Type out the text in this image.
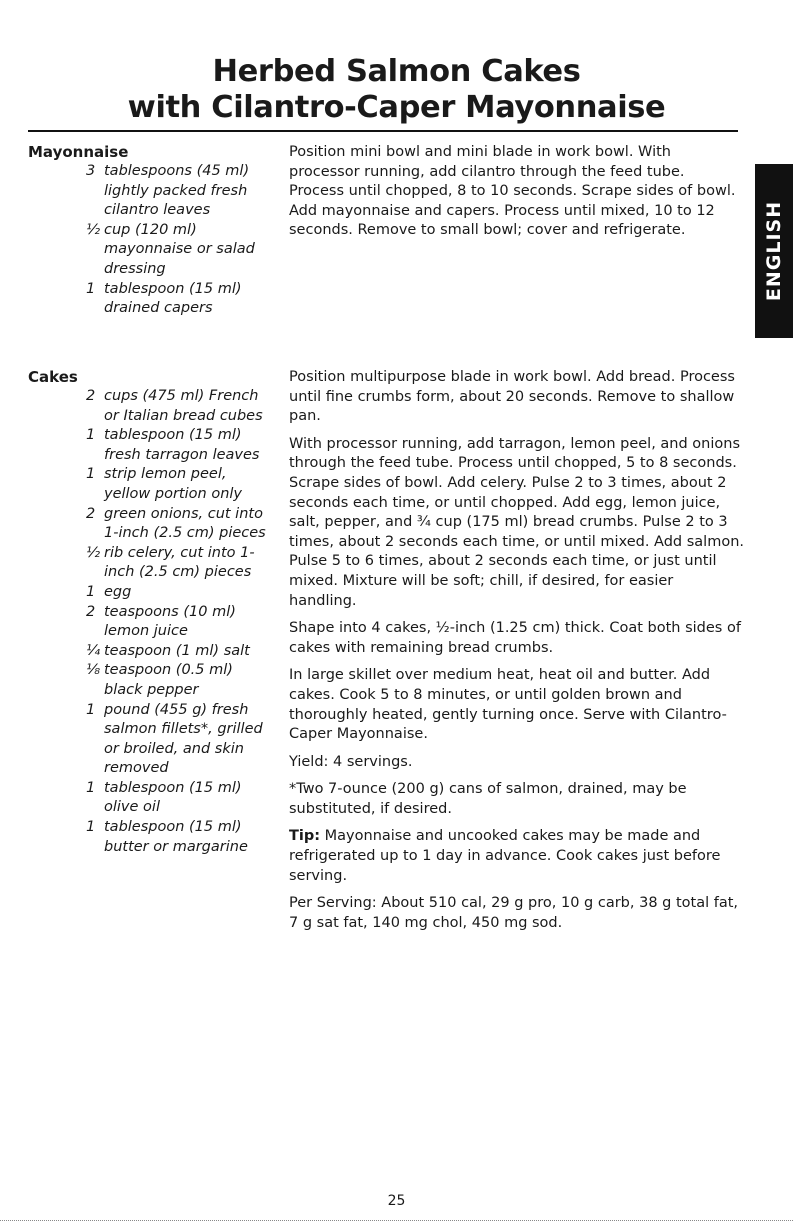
Herbed Salmon Cakes
with Cilantro-Caper Mayonnaise
ENGLISH
Mayonnaise
3 tablespoons (45 ml) lightly packed fresh cilantro leaves
½ cup (120 ml) mayonnaise or salad dressing
1 tablespoon (15 ml) drained capers

Position mini bowl and mini blade in work bowl. With processor running, add cilantro through the feed tube. Process until chopped, 8 to 10 seconds. Scrape sides of bowl. Add mayonnaise and capers. Process until mixed, 10 to 12 seconds. Remove to small bowl; cover and refrigerate.

Cakes
2 cups (475 ml) French or Italian bread cubes
1 tablespoon (15 ml) fresh tarragon leaves
1 strip lemon peel, yellow portion only
2 green onions, cut into 1-inch (2.5 cm) pieces
½ rib celery, cut into 1-inch (2.5 cm) pieces
1 egg
2 teaspoons (10 ml) lemon juice
¼ teaspoon (1 ml) salt
⅛ teaspoon (0.5 ml) black pepper
1 pound (455 g) fresh salmon fillets*, grilled or broiled, and skin removed
1 tablespoon (15 ml) olive oil
1 tablespoon (15 ml) butter or margarine

Position multipurpose blade in work bowl. Add bread. Process until fine crumbs form, about 20 seconds. Remove to shallow pan.

With processor running, add tarragon, lemon peel, and onions through the feed tube. Process until chopped, 5 to 8 seconds. Scrape sides of bowl. Add celery. Pulse 2 to 3 times, about 2 seconds each time, or until chopped. Add egg, lemon juice, salt, pepper, and ¾ cup (175 ml) bread crumbs. Pulse 2 to 3 times, about 2 seconds each time, or until mixed. Add salmon. Pulse 5 to 6 times, about 2 seconds each time, or just until mixed. Mixture will be soft; chill, if desired, for easier handling.

Shape into 4 cakes, ½-inch (1.25 cm) thick. Coat both sides of cakes with remaining bread crumbs.

In large skillet over medium heat, heat oil and butter. Add cakes. Cook 5 to 8 minutes, or until golden brown and thoroughly heated, gently turning once. Serve with Cilantro-Caper Mayonnaise.

Yield: 4 servings.

*Two 7-ounce (200 g) cans of salmon, drained, may be substituted, if desired.

Tip: Mayonnaise and uncooked cakes may be made and refrigerated up to 1 day in advance. Cook cakes just before serving.

Per Serving: About 510 cal, 29 g pro, 10 g carb, 38 g total fat, 7 g sat fat, 140 mg chol, 450 mg sod.

25
